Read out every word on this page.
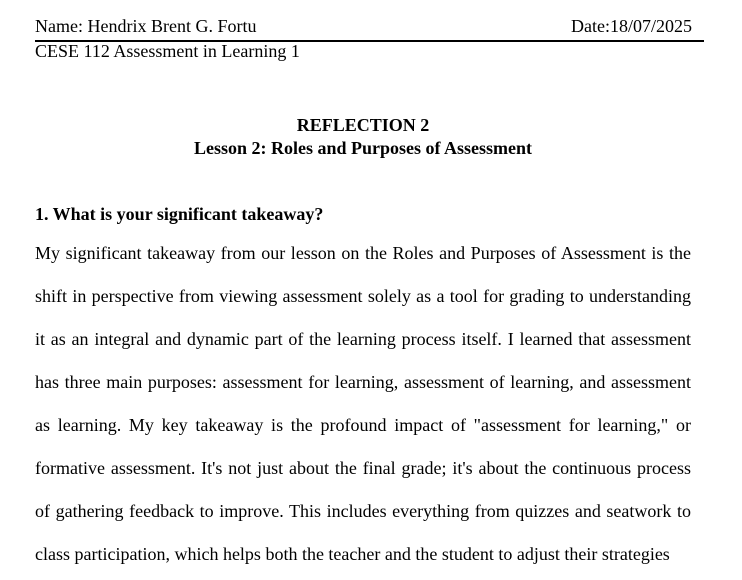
Name: Hendrix Brent G. Fortu	Date:18/07/2025
CESE 112 Assessment in Learning 1
REFLECTION 2
Lesson 2: Roles and Purposes of Assessment
1. What is your significant takeaway?

My significant takeaway from our lesson on the Roles and Purposes of Assessment is the shift in perspective from viewing assessment solely as a tool for grading to understanding it as an integral and dynamic part of the learning process itself. I learned that assessment has three main purposes: assessment for learning, assessment of learning, and assessment as learning. My key takeaway is the profound impact of "assessment for learning," or formative assessment. It's not just about the final grade; it's about the continuous process of gathering feedback to improve. This includes everything from quizzes and seatwork to class participation, which helps both the teacher and the student to adjust their strategies
